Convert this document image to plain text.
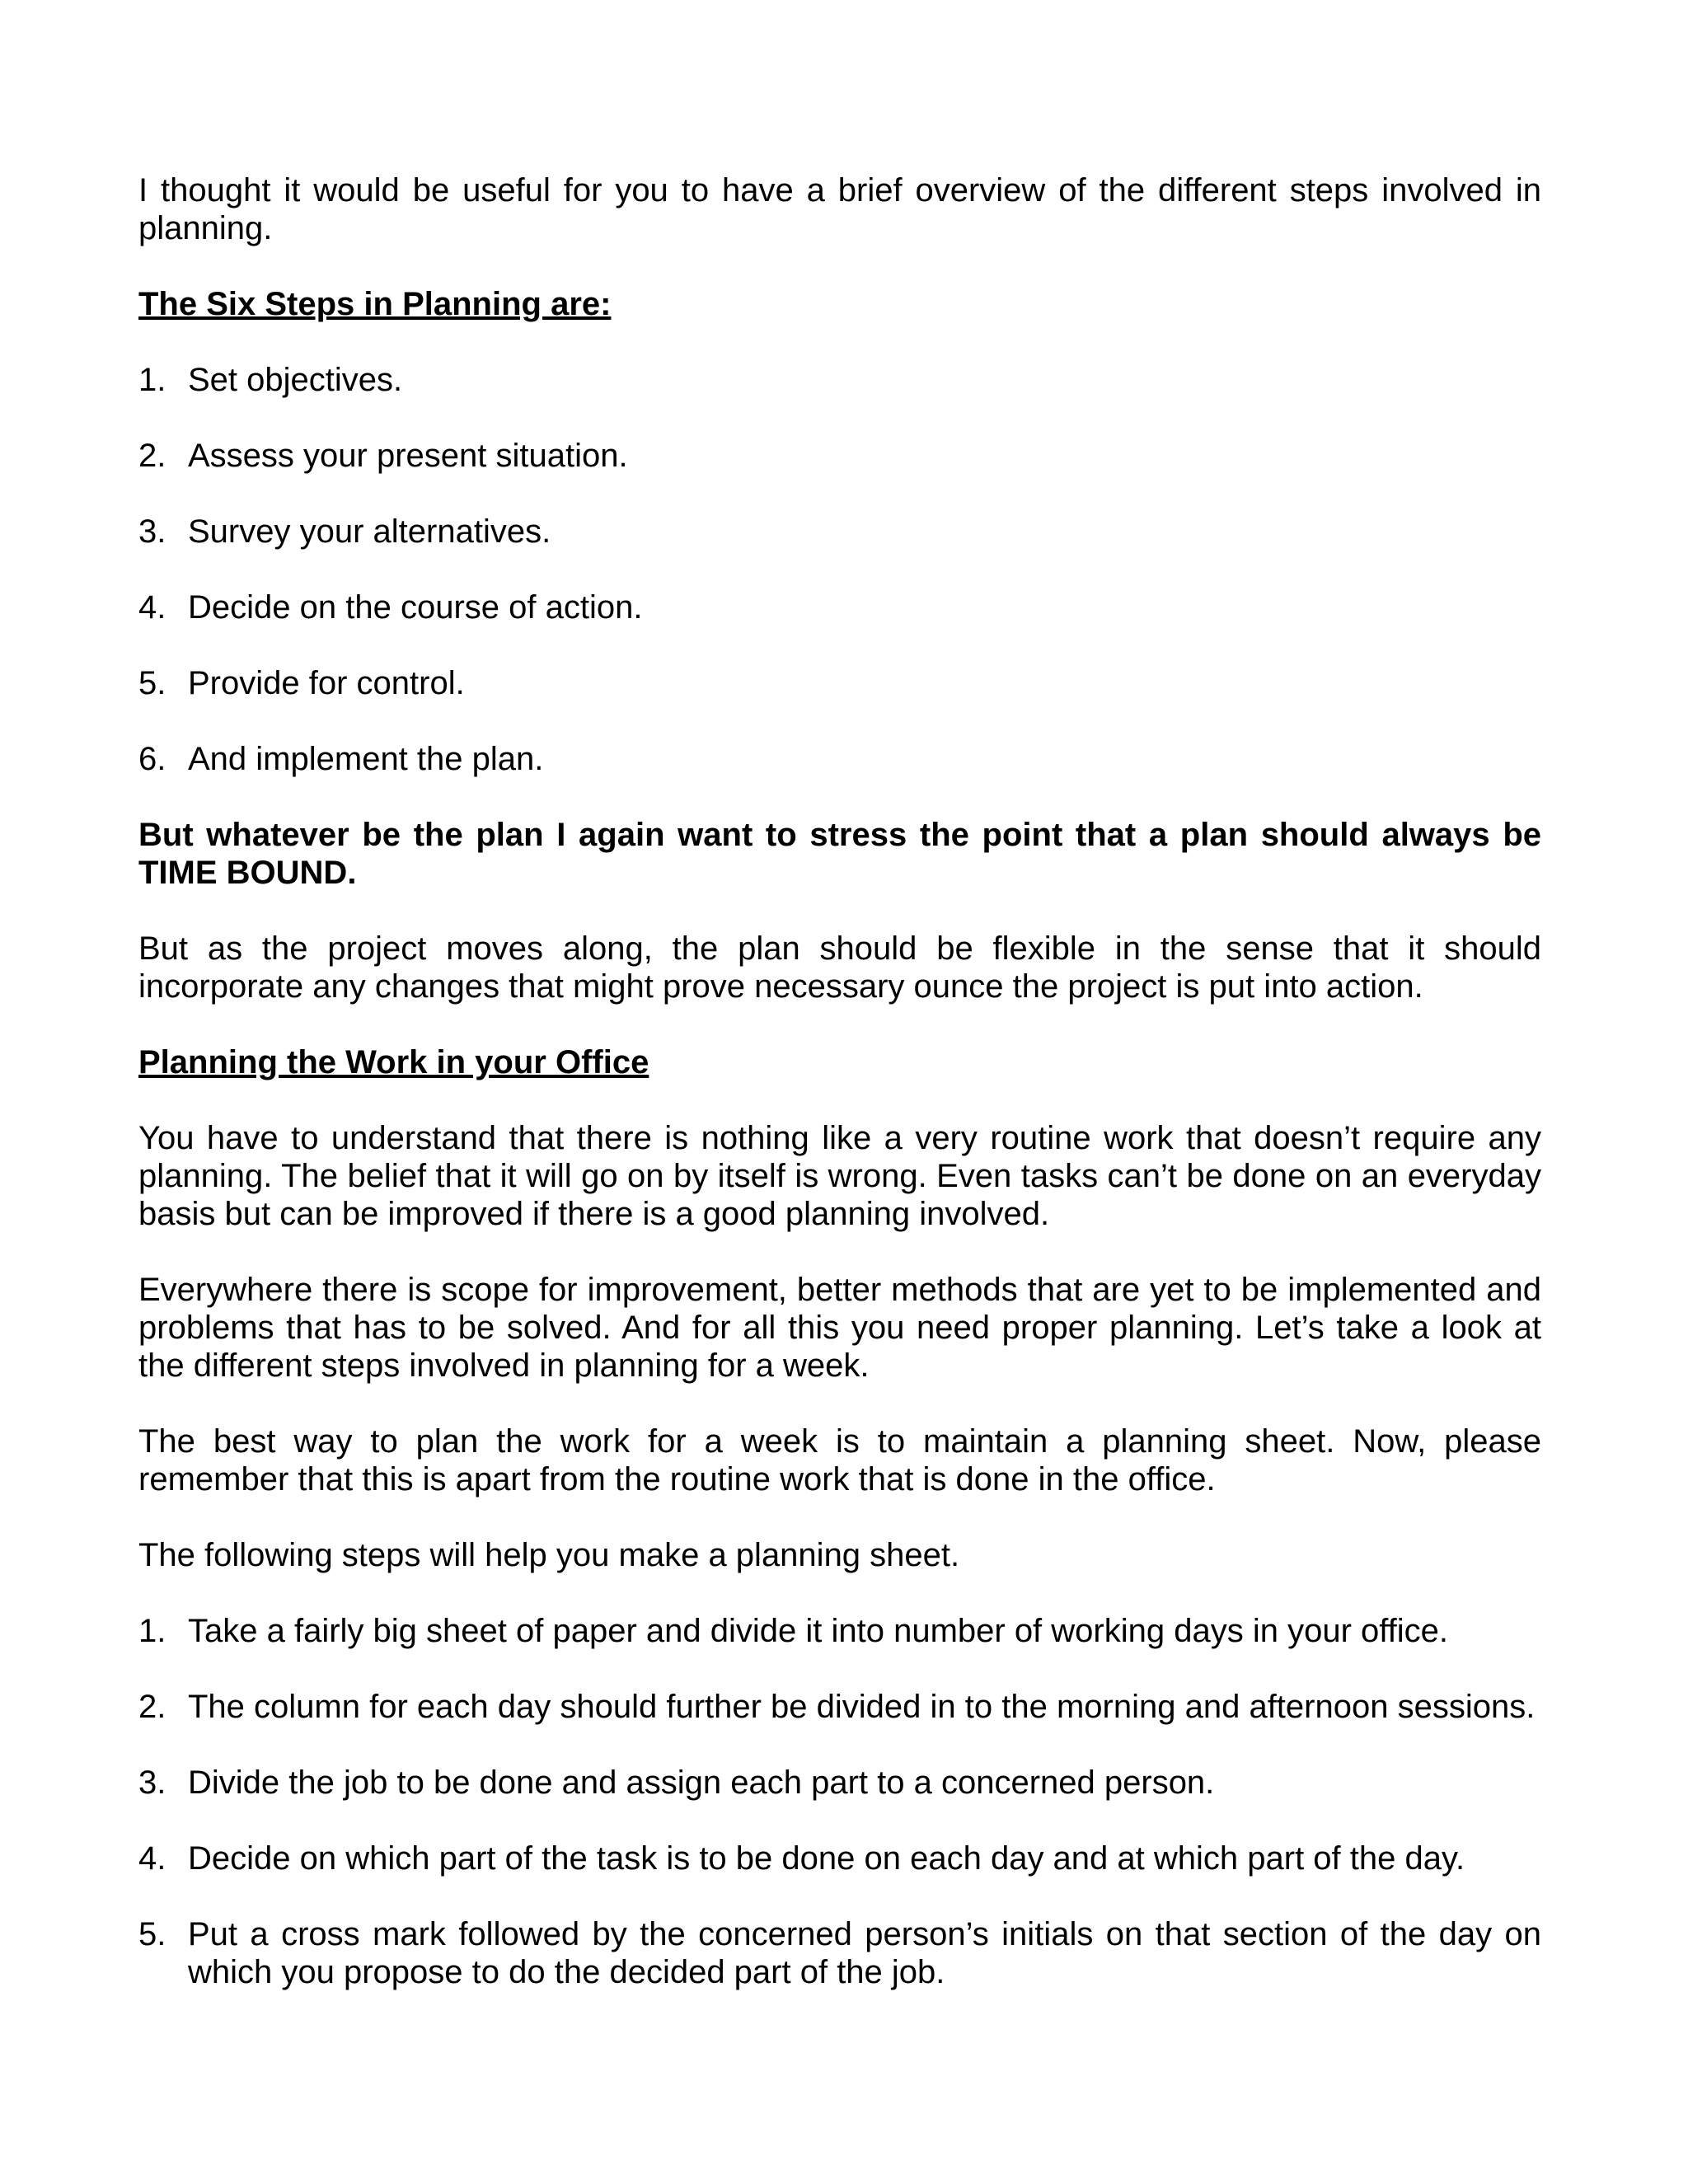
I thought it would be useful for you to have a brief overview of the different steps involved in planning.

The Six Steps in Planning are:
1. Set objectives.
2. Assess your present situation.
3. Survey your alternatives.
4. Decide on the course of action.
5. Provide for control.
6. And implement the plan.

But whatever be the plan I again want to stress the point that a plan should always be TIME BOUND.

But as the project moves along, the plan should be flexible in the sense that it should incorporate any changes that might prove necessary ounce the project is put into action.

Planning the Work in your Office

You have to understand that there is nothing like a very routine work that doesn’t require any planning. The belief that it will go on by itself is wrong. Even tasks can’t be done on an everyday basis but can be improved if there is a good planning involved.

Everywhere there is scope for improvement, better methods that are yet to be implemented and problems that has to be solved. And for all this you need proper planning. Let’s take a look at the different steps involved in planning for a week.

The best way to plan the work for a week is to maintain a planning sheet. Now, please remember that this is apart from the routine work that is done in the office.

The following steps will help you make a planning sheet.

1. Take a fairly big sheet of paper and divide it into number of working days in your office.
2. The column for each day should further be divided in to the morning and afternoon sessions.
3. Divide the job to be done and assign each part to a concerned person.
4. Decide on which part of the task is to be done on each day and at which part of the day.
5. Put a cross mark followed by the concerned person’s initials on that section of the day on which you propose to do the decided part of the job.
